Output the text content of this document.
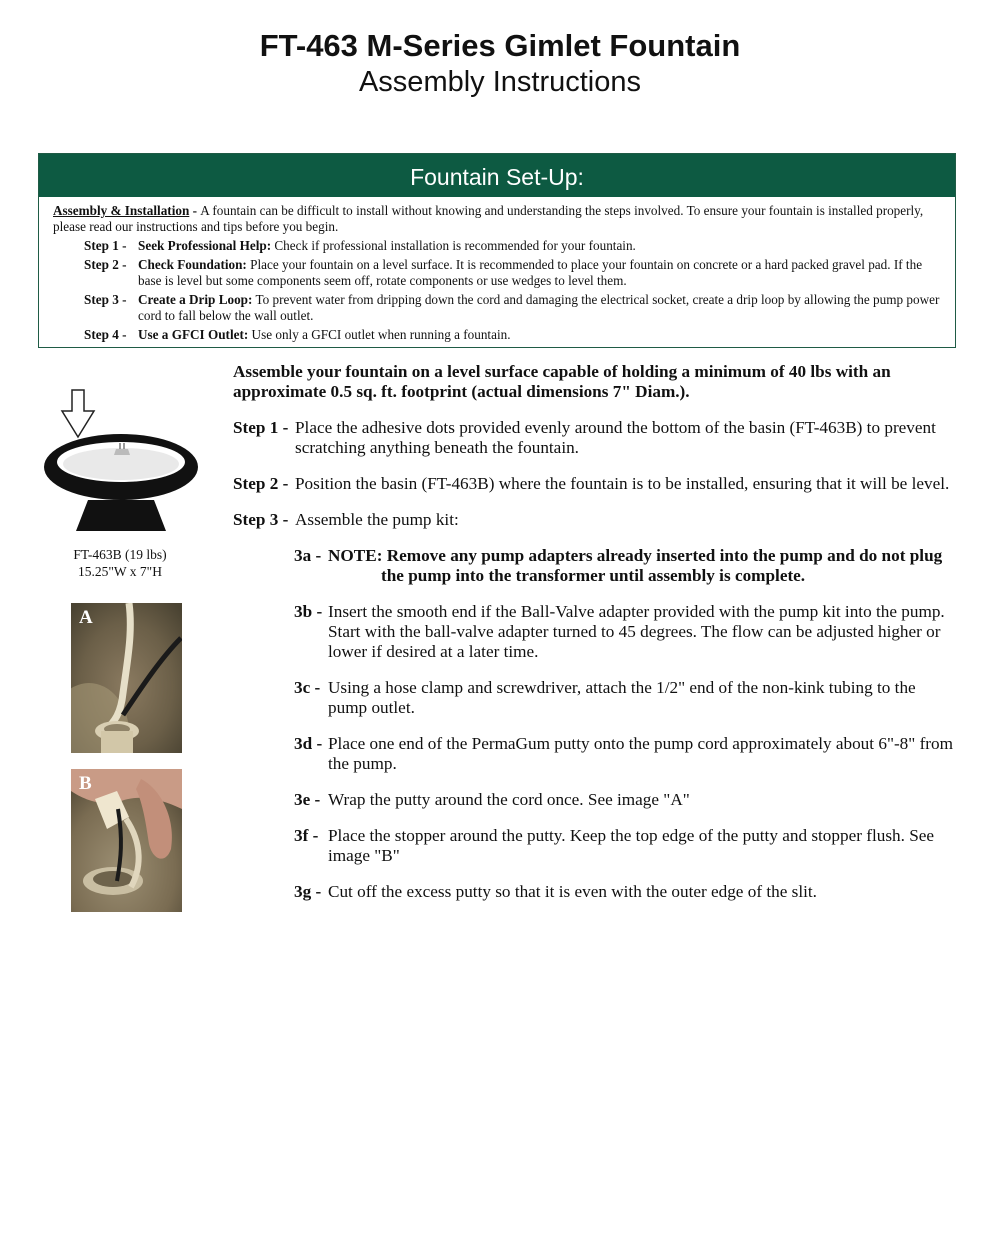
FT-463 M-Series Gimlet Fountain
Assembly Instructions
Fountain Set-Up:
Assembly & Installation - A fountain can be difficult to install without knowing and understanding the steps involved. To ensure your fountain is installed properly, please read our instructions and tips before you begin.
Step 1 - Seek Professional Help: Check if professional installation is recommended for your fountain.
Step 2 - Check Foundation: Place your fountain on a level surface. It is recommended to place your fountain on concrete or a hard packed gravel pad. If the base is level but some components seem off, rotate components or use wedges to level them.
Step 3 - Create a Drip Loop: To prevent water from dripping down the cord and damaging the electrical socket, create a drip loop by allowing the pump power cord to fall below the wall outlet.
Step 4 - Use a GFCI Outlet: Use only a GFCI outlet when running a fountain.
FT-463B (19 lbs)
15.25"W x 7"H
A
B

Assemble your fountain on a level surface capable of holding a minimum of 40 lbs with an approximate 0.5 sq. ft. footprint (actual dimensions 7" Diam.).

Step 1 - Place the adhesive dots provided evenly around the bottom of the basin (FT-463B) to prevent scratching anything beneath the fountain.
Step 2 - Position the basin (FT-463B) where the fountain is to be installed, ensuring that it will be level.
Step 3 - Assemble the pump kit:
3a - NOTE: Remove any pump adapters already inserted into the pump and do not plug
the pump into the transformer until assembly is complete.
3b - Insert the smooth end if the Ball-Valve adapter provided with the pump kit into the pump. Start with the ball-valve adapter turned to 45 degrees. The flow can be adjusted higher or lower if desired at a later time.
3c - Using a hose clamp and screwdriver, attach the 1/2" end of the non-kink tubing to the pump outlet.
3d - Place one end of the PermaGum putty onto the pump cord approximately about 6"-8" from the pump.
3e - Wrap the putty around the cord once. See image "A"
3f - Place the stopper around the putty. Keep the top edge of the putty and stopper flush. See image "B"
3g - Cut off the excess putty so that it is even with the outer edge of the slit.
